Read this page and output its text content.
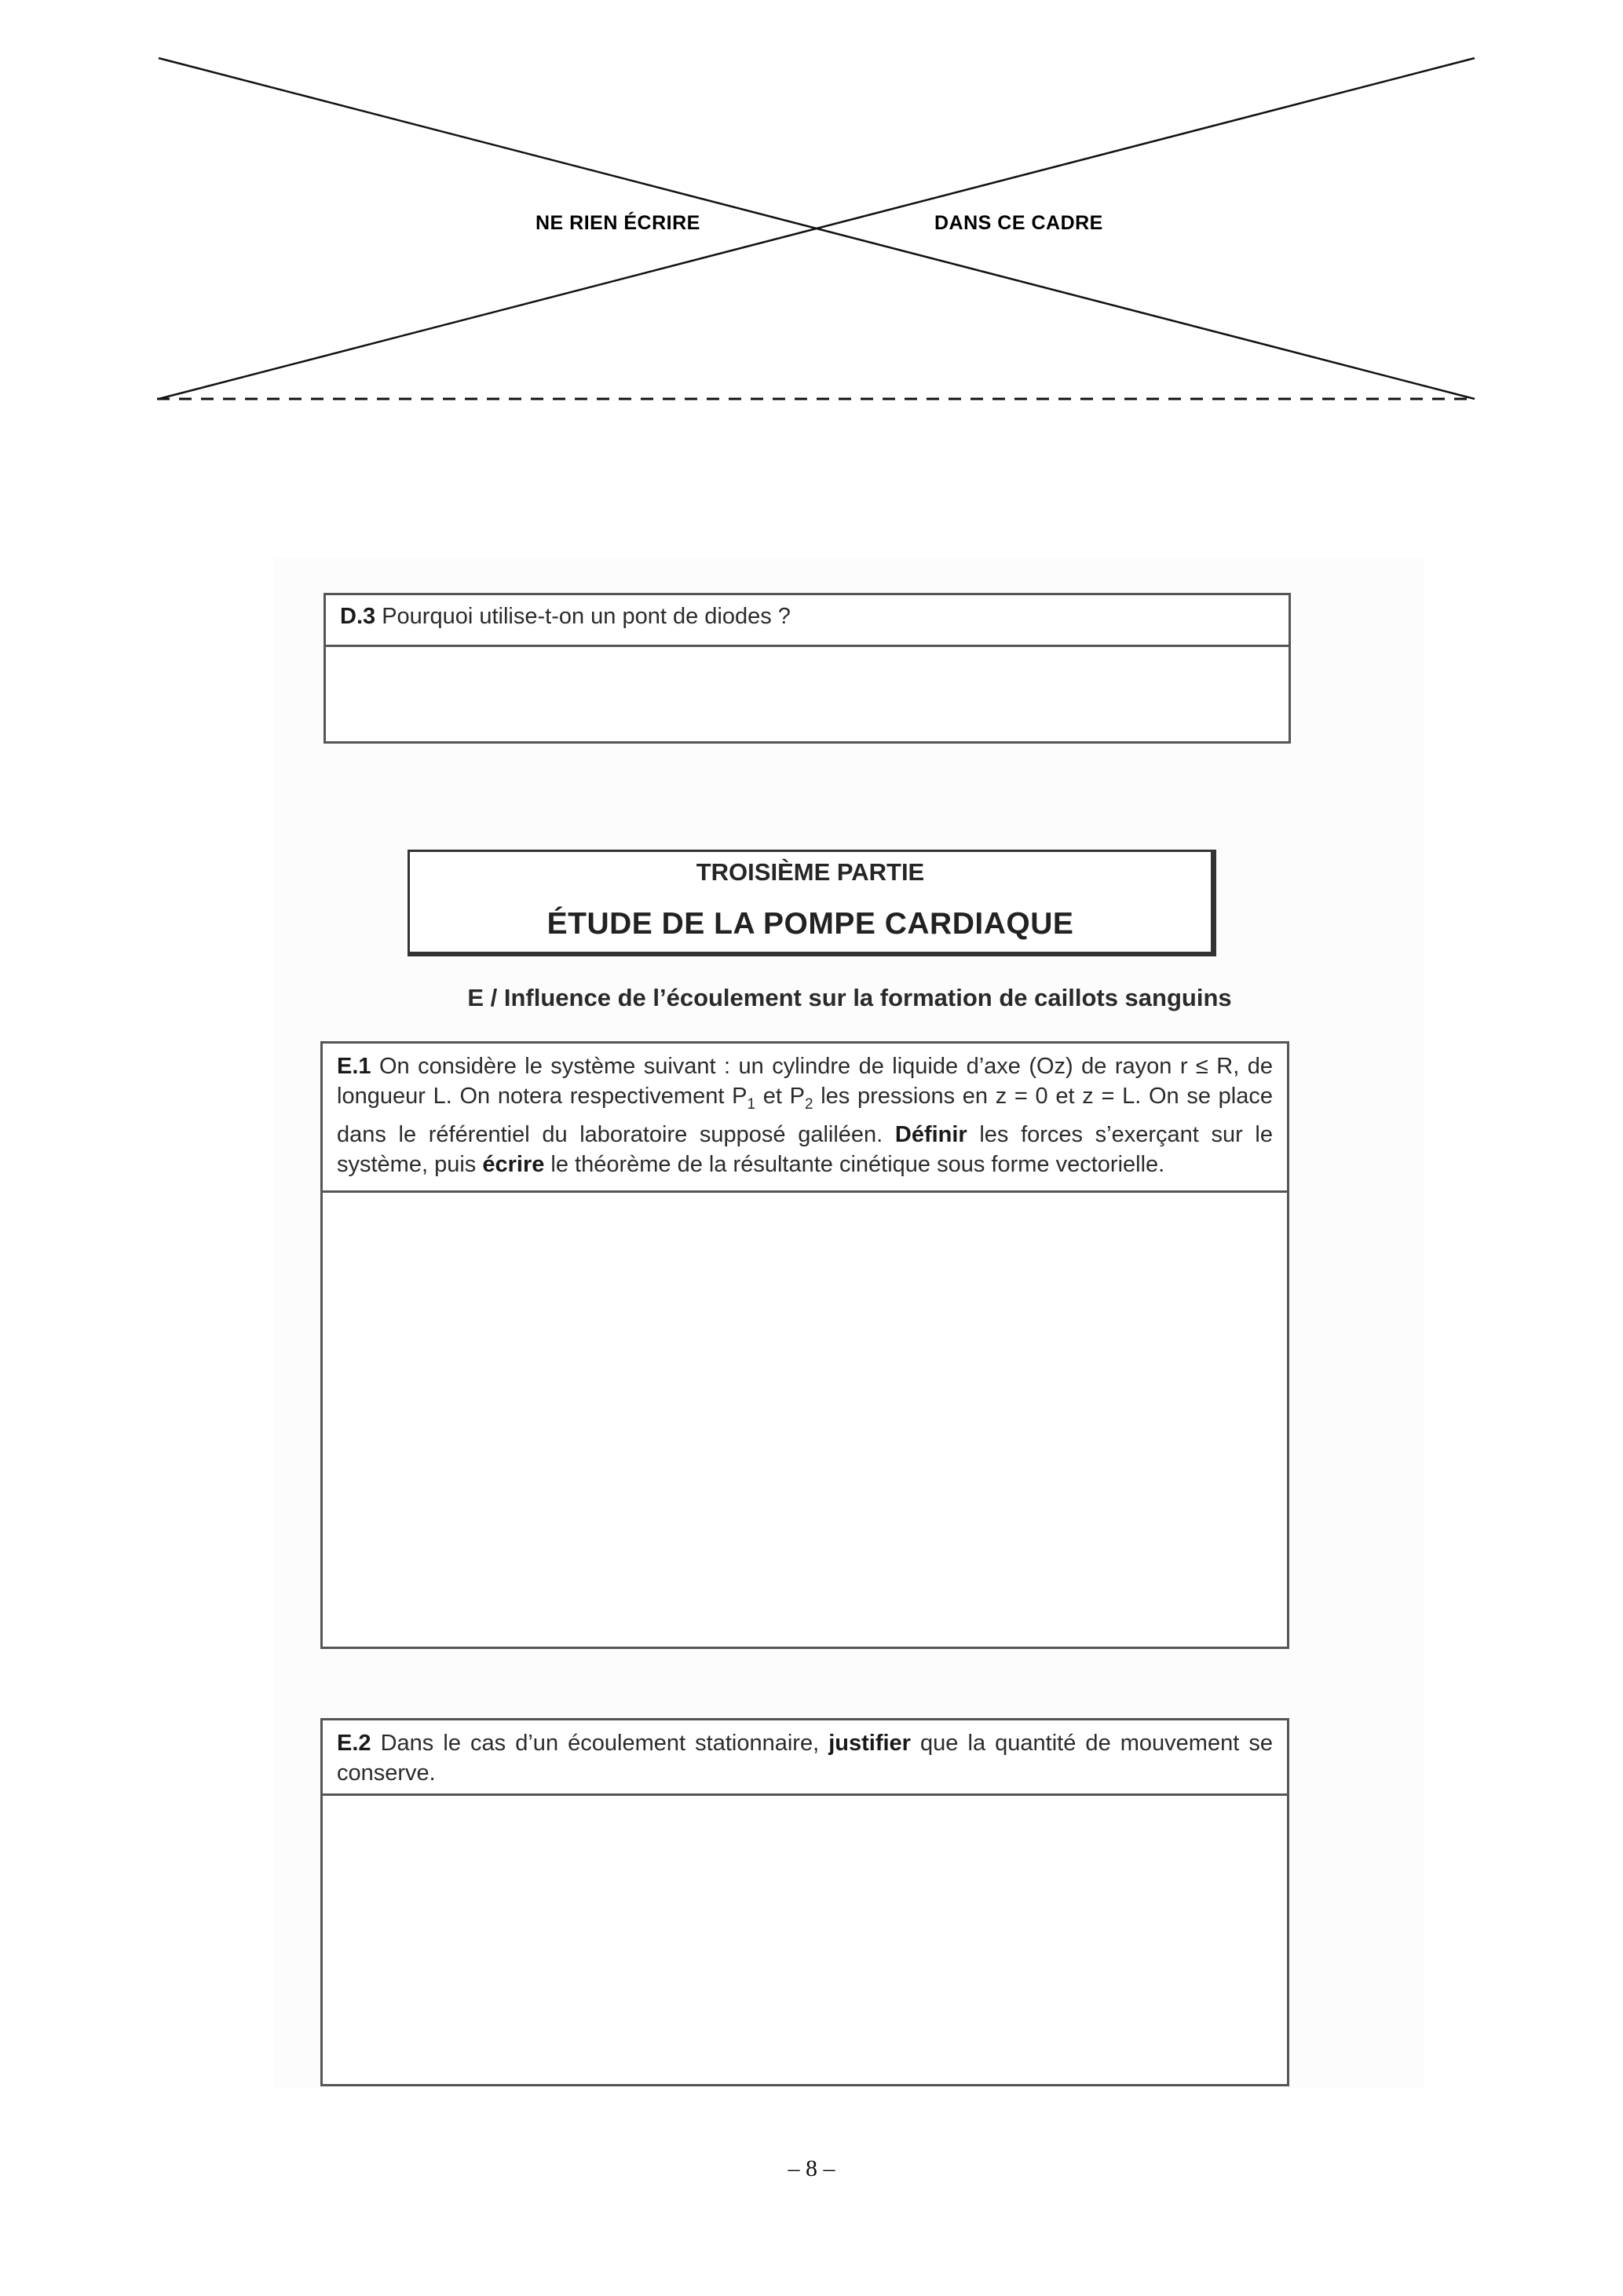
NE RIEN ÉCRIRE	DANS CE CADRE
D.3 Pourquoi utilise-t-on un pont de diodes ?
TROISIÈME PARTIE
ÉTUDE DE LA POMPE CARDIAQUE
E / Influence de l’écoulement sur la formation de caillots sanguins
E.1 On considère le système suivant : un cylindre de liquide d’axe (Oz) de rayon r ≤ R, de longueur L. On notera respectivement $P_1$ et $P_2$ les pressions en z = 0 et z = L. On se place dans le référentiel du laboratoire supposé galiléen. Définir les forces s’exerçant sur le système, puis écrire le théorème de la résultante cinétique sous forme vectorielle.
E.2 Dans le cas d’un écoulement stationnaire, justifier que la quantité de mouvement se conserve.
– 8 –
